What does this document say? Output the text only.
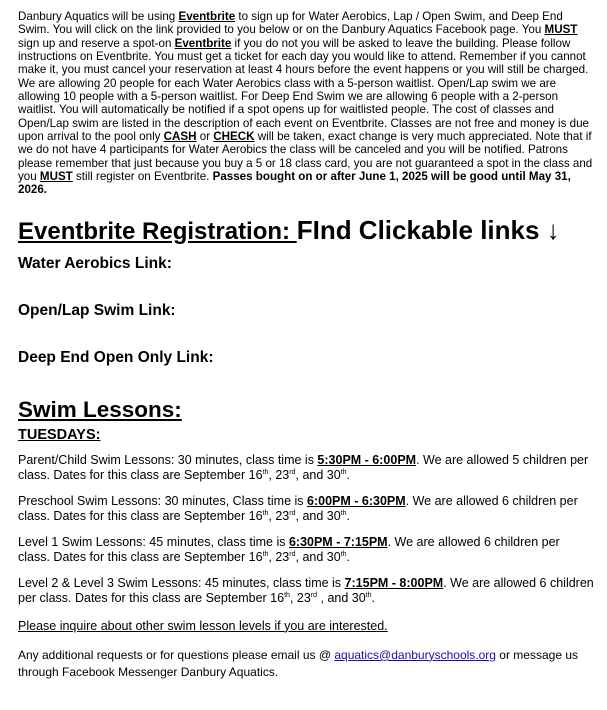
Danbury Aquatics will be using Eventbrite to sign up for Water Aerobics, Lap / Open Swim, and Deep End Swim. You will click on the link provided to you below or on the Danbury Aquatics Facebook page. You MUST sign up and reserve a spot-on Eventbrite if you do not you will be asked to leave the building. Please follow instructions on Eventbrite. You must get a ticket for each day you would like to attend. Remember if you cannot make it, you must cancel your reservation at least 4 hours before the event happens or you will still be charged. We are allowing 20 people for each Water Aerobics class with a 5-person waitlist. Open/Lap swim we are allowing 10 people with a 5-person waitlist. For Deep End Swim we are allowing 6 people with a 2-person waitlist. You will automatically be notified if a spot opens up for waitlisted people. The cost of classes and Open/Lap swim are listed in the description of each event on Eventbrite. Classes are not free and money is due upon arrival to the pool only CASH or CHECK will be taken, exact change is very much appreciated. Note that if we do not have 4 participants for Water Aerobics the class will be canceled and you will be notified. Patrons please remember that just because you buy a 5 or 18 class card, you are not guaranteed a spot in the class and you MUST still register on Eventbrite. Passes bought on or after June 1, 2025 will be good until May 31, 2026.

Eventbrite Registration: FInd Clickable links ↓

Water Aerobics Link:

Open/Lap Swim Link:

Deep End Open Only Link:

Swim Lessons:
TUESDAYS:

Parent/Child Swim Lessons: 30 minutes, class time is 5:30PM - 6:00PM. We are allowed 5 children per class. Dates for this class are September 16th, 23rd, and 30th.

Preschool Swim Lessons: 30 minutes, Class time is 6:00PM - 6:30PM. We are allowed 6 children per class. Dates for this class are September 16th, 23rd, and 30th.

Level 1 Swim Lessons: 45 minutes, class time is 6:30PM - 7:15PM. We are allowed 6 children per class. Dates for this class are September 16th, 23rd, and 30th.

Level 2 & Level 3 Swim Lessons: 45 minutes, class time is 7:15PM - 8:00PM. We are allowed 6 children per class. Dates for this class are September 16th, 23rd , and 30th.

Please inquire about other swim lesson levels if you are interested.

Any additional requests or for questions please email us @ aquatics@danburyschools.org or message us through Facebook Messenger Danbury Aquatics.
